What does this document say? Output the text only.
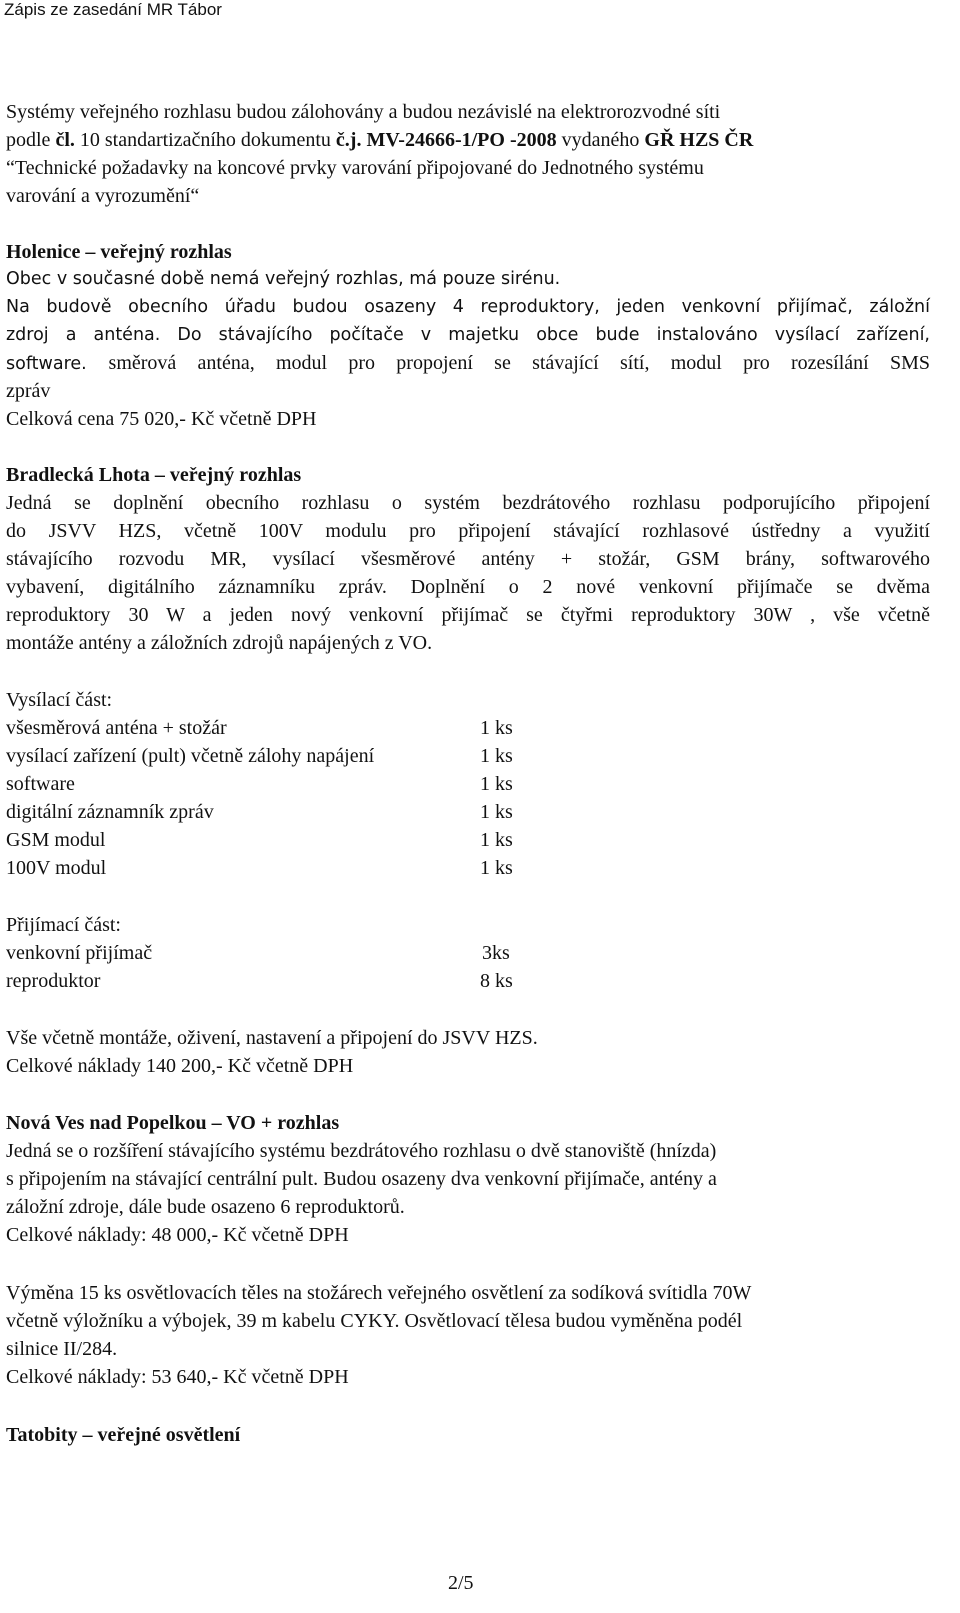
Zápis ze zasedání MR Tábor
Systémy veřejného rozhlasu budou zálohovány a budou nezávislé na elektrorozvodné síti
podle čl. 10 standartizačního dokumentu č.j. MV-24666-1/PO -2008 vydaného GŘ HZS ČR
“Technické požadavky na koncové prvky varování připojované do Jednotného systému
varování a vyrozumění“
Holenice – veřejný rozhlas
Obec v současné době nemá veřejný rozhlas, má pouze sirénu.
Na budově obecního úřadu budou osazeny 4 reproduktory, jeden venkovní přijímač, záložní
zdroj a anténa. Do stávajícího počítače v majetku obce bude instalováno vysílací zařízení,
software. směrová anténa, modul pro propojení se stávající sítí, modul pro rozesílání SMS
zpráv
Celková cena 75 020,- Kč včetně DPH
Bradlecká Lhota – veřejný rozhlas
Jedná se doplnění obecního rozhlasu o systém bezdrátového rozhlasu podporujícího připojení
do JSVV HZS, včetně 100V modulu pro připojení stávající rozhlasové ústředny a využití
stávajícího rozvodu MR, vysílací všesměrové antény + stožár, GSM brány, softwarového
vybavení, digitálního záznamníku zpráv. Doplnění o 2 nové venkovní přijímače se dvěma
reproduktory 30 W a jeden nový venkovní přijímač se čtyřmi reproduktory 30W , vše včetně
montáže antény a záložních zdrojů napájených z VO.
Vysílací část:
všesměrová anténa + stožár	1 ks
vysílací zařízení (pult) včetně zálohy napájení	1 ks
software	1 ks
digitální záznamník zpráv	1 ks
GSM modul	1 ks
100V modul	1 ks
Přijímací část:
venkovní přijímač	3ks
reproduktor	8 ks
Vše včetně montáže, oživení, nastavení a připojení do JSVV HZS.
Celkové náklady 140 200,- Kč včetně DPH
Nová Ves nad Popelkou – VO + rozhlas
Jedná se o rozšíření stávajícího systému bezdrátového rozhlasu o dvě stanoviště (hnízda)
s připojením na stávající centrální pult. Budou osazeny dva venkovní přijímače, antény a
záložní zdroje, dále bude osazeno 6 reproduktorů.
Celkové náklady: 48 000,- Kč včetně DPH
Výměna 15 ks osvětlovacích těles na stožárech veřejného osvětlení za sodíková svítidla 70W
včetně výložníku a výbojek, 39 m kabelu CYKY. Osvětlovací tělesa budou vyměněna podél
silnice II/284.
Celkové náklady: 53 640,- Kč včetně DPH
Tatobity – veřejné osvětlení
2/5
